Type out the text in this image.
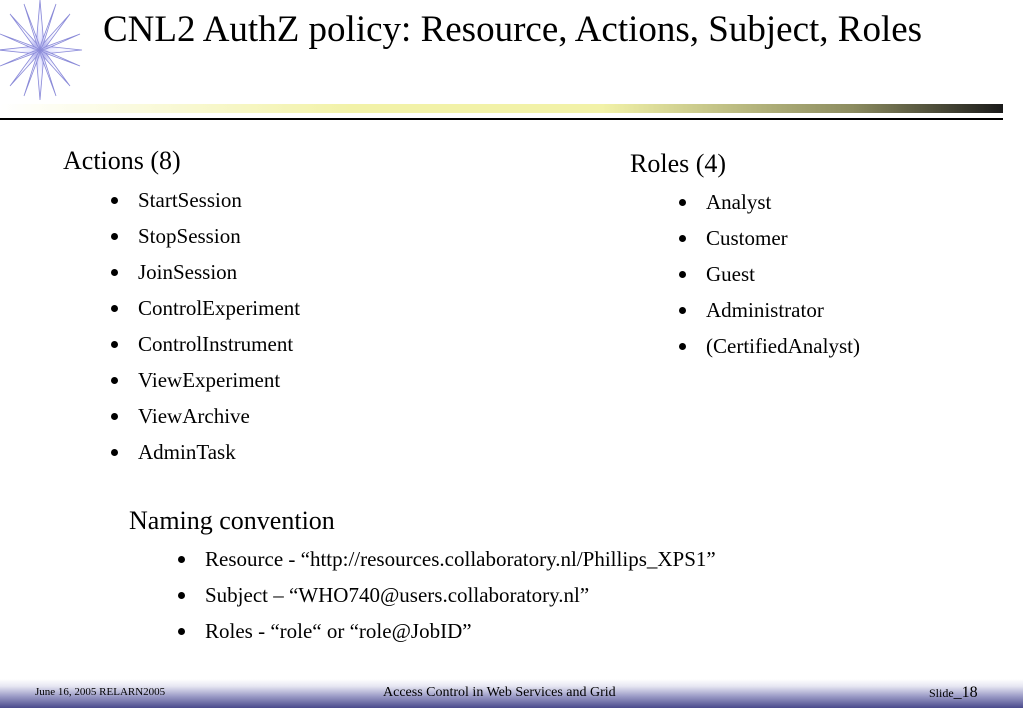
CNL2 AuthZ policy: Resource, Actions, Subject, Roles
Actions (8)
StartSession
StopSession
JoinSession
ControlExperiment
ControlInstrument
ViewExperiment
ViewArchive
AdminTask
Roles (4)
Analyst
Customer
Guest
Administrator
(CertifiedAnalyst)
Naming convention
Resource - “http://resources.collaboratory.nl/Phillips_XPS1”
Subject – “WHO740@users.collaboratory.nl”
Roles - “role“ or “role@JobID”
June 16, 2005 RELARN2005	Access Control in Web Services and Grid	Slide_18
